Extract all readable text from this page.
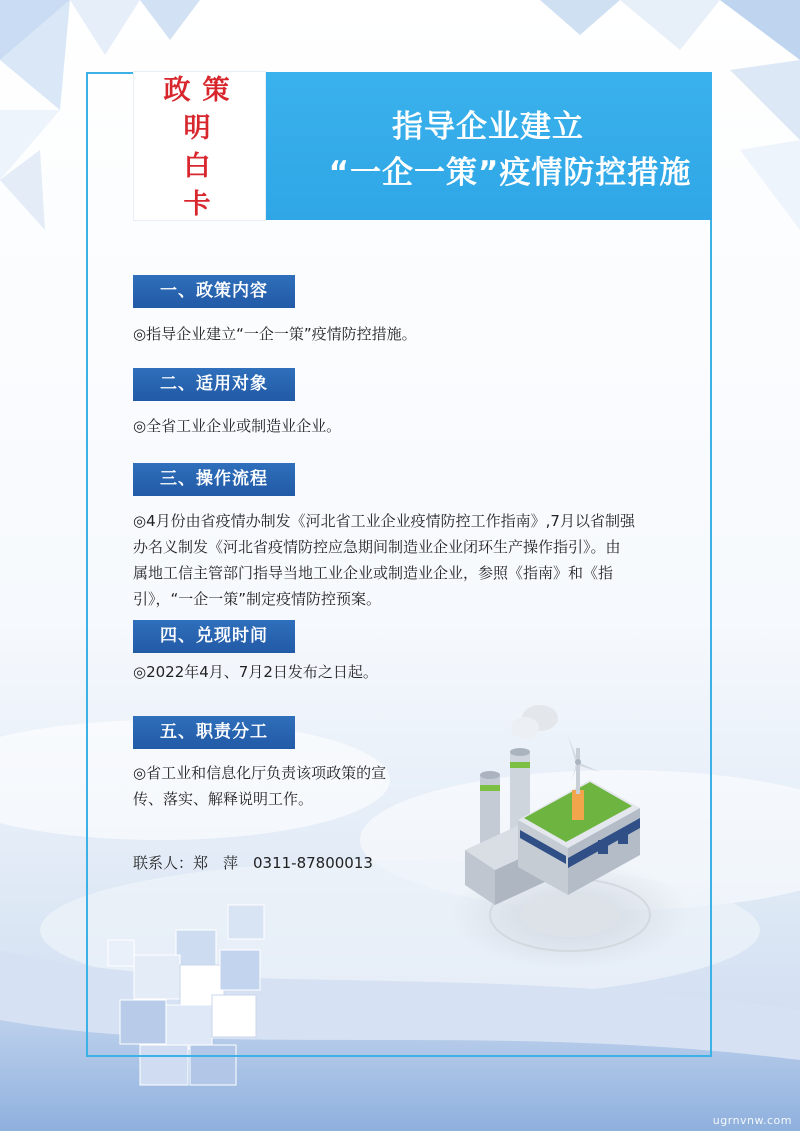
政 策
明
白
卡
指导企业建立
“一企一策”疫情防控措施
一、政策内容
◎指导企业建立“一企一策”疫情防控措施。
二、适用对象
◎全省工业企业或制造业企业。
三、操作流程
◎4月份由省疫情办制发《河北省工业企业疫情防控工作指南》,7月以省制强
办名义制发《河北省疫情防控应急期间制造业企业闭环生产操作指引》。由
属地工信主管部门指导当地工业企业或制造业企业，参照《指南》和《指
引》，“一企一策”制定疫情防控预案。
四、兑现时间
◎2022年4月、7月2日发布之日起。
五、职责分工
◎省工业和信息化厅负责该项政策的宣
传、落实、解释说明工作。
联系人：郑　萍　0311-87800013
ugrnvnw.com
